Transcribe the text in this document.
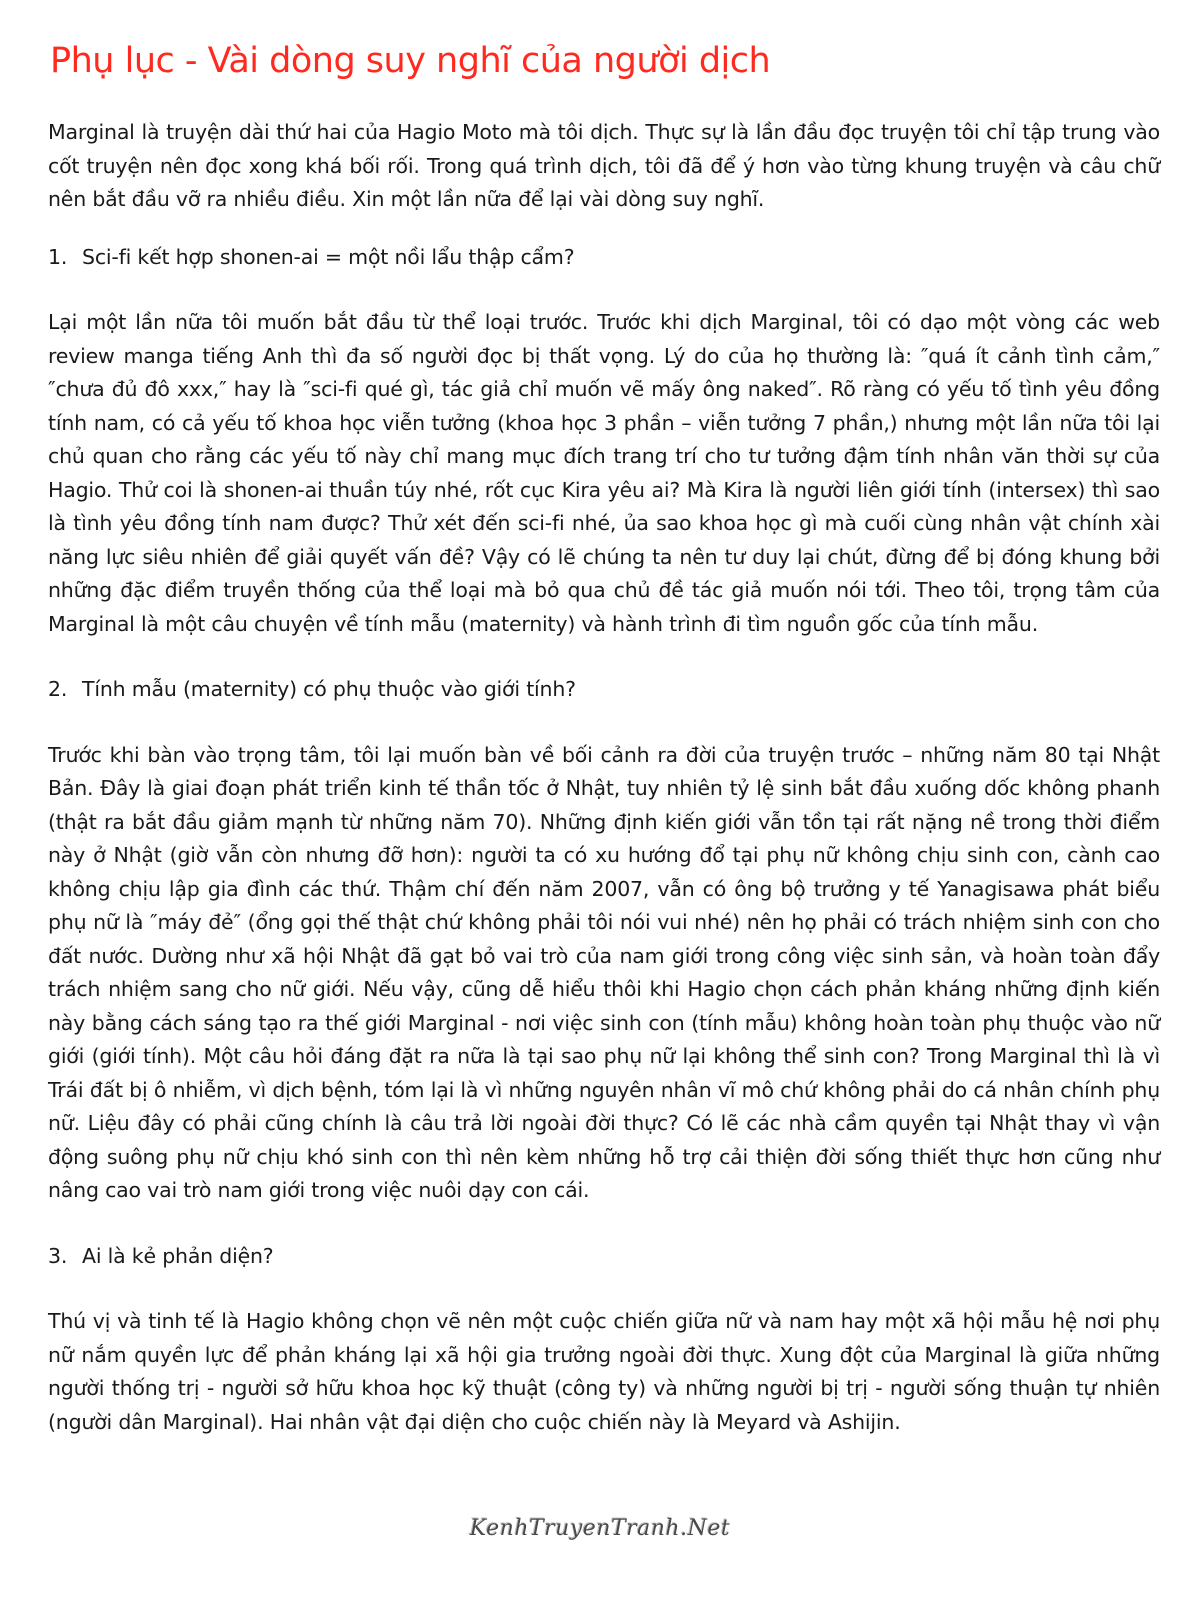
Phụ lục - Vài dòng suy nghĩ của người dịch

Marginal là truyện dài thứ hai của Hagio Moto mà tôi dịch. Thực sự là lần đầu đọc truyện tôi chỉ tập trung vào cốt truyện nên đọc xong khá bối rối. Trong quá trình dịch, tôi đã để ý hơn vào từng khung truyện và câu chữ nên bắt đầu vỡ ra nhiều điều. Xin một lần nữa để lại vài dòng suy nghĩ.

1. Sci-fi kết hợp shonen-ai = một nồi lẩu thập cẩm?

Lại một lần nữa tôi muốn bắt đầu từ thể loại trước. Trước khi dịch Marginal, tôi có dạo một vòng các web review manga tiếng Anh thì đa số người đọc bị thất vọng. Lý do của họ thường là: ″quá ít cảnh tình cảm,″ ″chưa đủ đô xxx,″ hay là ″sci-fi qué gì, tác giả chỉ muốn vẽ mấy ông naked″. Rõ ràng có yếu tố tình yêu đồng tính nam, có cả yếu tố khoa học viễn tưởng (khoa học 3 phần – viễn tưởng 7 phần,) nhưng một lần nữa tôi lại chủ quan cho rằng các yếu tố này chỉ mang mục đích trang trí cho tư tưởng đậm tính nhân văn thời sự của Hagio. Thử coi là shonen-ai thuần túy nhé, rốt cục Kira yêu ai? Mà Kira là người liên giới tính (intersex) thì sao là tình yêu đồng tính nam được? Thử xét đến sci-fi nhé, ủa sao khoa học gì mà cuối cùng nhân vật chính xài năng lực siêu nhiên để giải quyết vấn đề? Vậy có lẽ chúng ta nên tư duy lại chút, đừng để bị đóng khung bởi những đặc điểm truyền thống của thể loại mà bỏ qua chủ đề tác giả muốn nói tới. Theo tôi, trọng tâm của Marginal là một câu chuyện về tính mẫu (maternity) và hành trình đi tìm nguồn gốc của tính mẫu.

2. Tính mẫu (maternity) có phụ thuộc vào giới tính?

Trước khi bàn vào trọng tâm, tôi lại muốn bàn về bối cảnh ra đời của truyện trước – những năm 80 tại Nhật Bản. Đây là giai đoạn phát triển kinh tế thần tốc ở Nhật, tuy nhiên tỷ lệ sinh bắt đầu xuống dốc không phanh (thật ra bắt đầu giảm mạnh từ những năm 70). Những định kiến giới vẫn tồn tại rất nặng nề trong thời điểm này ở Nhật (giờ vẫn còn nhưng đỡ hơn): người ta có xu hướng đổ tại phụ nữ không chịu sinh con, cành cao không chịu lập gia đình các thứ. Thậm chí đến năm 2007, vẫn có ông bộ trưởng y tế Yanagisawa phát biểu phụ nữ là ″máy đẻ″ (ổng gọi thế thật chứ không phải tôi nói vui nhé) nên họ phải có trách nhiệm sinh con cho đất nước. Dường như xã hội Nhật đã gạt bỏ vai trò của nam giới trong công việc sinh sản, và hoàn toàn đẩy trách nhiệm sang cho nữ giới. Nếu vậy, cũng dễ hiểu thôi khi Hagio chọn cách phản kháng những định kiến này bằng cách sáng tạo ra thế giới Marginal - nơi việc sinh con (tính mẫu) không hoàn toàn phụ thuộc vào nữ giới (giới tính). Một câu hỏi đáng đặt ra nữa là tại sao phụ nữ lại không thể sinh con? Trong Marginal thì là vì Trái đất bị ô nhiễm, vì dịch bệnh, tóm lại là vì những nguyên nhân vĩ mô chứ không phải do cá nhân chính phụ nữ. Liệu đây có phải cũng chính là câu trả lời ngoài đời thực? Có lẽ các nhà cầm quyền tại Nhật thay vì vận động suông phụ nữ chịu khó sinh con thì nên kèm những hỗ trợ cải thiện đời sống thiết thực hơn cũng như nâng cao vai trò nam giới trong việc nuôi dạy con cái.

3. Ai là kẻ phản diện?

Thú vị và tinh tế là Hagio không chọn vẽ nên một cuộc chiến giữa nữ và nam hay một xã hội mẫu hệ nơi phụ nữ nắm quyền lực để phản kháng lại xã hội gia trưởng ngoài đời thực. Xung đột của Marginal là giữa những người thống trị - người sở hữu khoa học kỹ thuật (công ty) và những người bị trị - người sống thuận tự nhiên (người dân Marginal). Hai nhân vật đại diện cho cuộc chiến này là Meyard và Ashijin.

KenhTruyenTranh.Net
